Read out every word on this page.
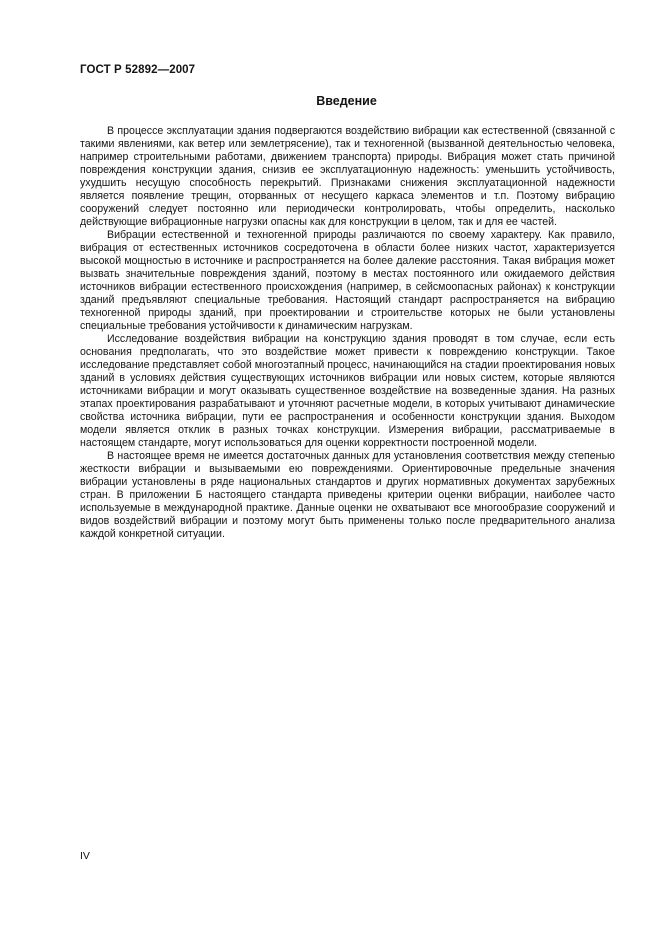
ГОСТ Р 52892—2007
Введение

В процессе эксплуатации здания подвергаются воздействию вибрации как естественной (связанной с такими явлениями, как ветер или землетрясение), так и техногенной (вызванной деятельностью человека, например строительными работами, движением транспорта) природы. Вибрация может стать причиной повреждения конструкции здания, снизив ее эксплуатационную надежность: уменьшить устойчивость, ухудшить несущую способность перекрытий. Признаками снижения эксплуатационной надежности является появление трещин, оторванных от несущего каркаса элементов и т.п. Поэтому вибрацию сооружений следует постоянно или периодически контролировать, чтобы определить, насколько действующие вибрационные нагрузки опасны как для конструкции в целом, так и для ее частей.

Вибрации естественной и техногенной природы различаются по своему характеру. Как правило, вибрация от естественных источников сосредоточена в области более низких частот, характеризуется высокой мощностью в источнике и распространяется на более далекие расстояния. Такая вибрация может вызвать значительные повреждения зданий, поэтому в местах постоянного или ожидаемого действия источников вибрации естественного происхождения (например, в сейсмоопасных районах) к конструкции зданий предъявляют специальные требования. Настоящий стандарт распространяется на вибрацию техногенной природы зданий, при проектировании и строительстве которых не были установлены специальные требования устойчивости к динамическим нагрузкам.

Исследование воздействия вибрации на конструкцию здания проводят в том случае, если есть основания предполагать, что это воздействие может привести к повреждению конструкции. Такое исследование представляет собой многоэтапный процесс, начинающийся на стадии проектирования новых зданий в условиях действия существующих источников вибрации или новых систем, которые являются источниками вибрации и могут оказывать существенное воздействие на возведенные здания. На разных этапах проектирования разрабатывают и уточняют расчетные модели, в которых учитывают динамические свойства источника вибрации, пути ее распространения и особенности конструкции здания. Выходом модели является отклик в разных точках конструкции. Измерения вибрации, рассматриваемые в настоящем стандарте, могут использоваться для оценки корректности построенной модели.

В настоящее время не имеется достаточных данных для установления соответствия между степенью жесткости вибрации и вызываемыми ею повреждениями. Ориентировочные предельные значения вибрации установлены в ряде национальных стандартов и других нормативных документах зарубежных стран. В приложении Б настоящего стандарта приведены критерии оценки вибрации, наиболее часто используемые в международной практике. Данные оценки не охватывают все многообразие сооружений и видов воздействий вибрации и поэтому могут быть применены только после предварительного анализа каждой конкретной ситуации.

IV
